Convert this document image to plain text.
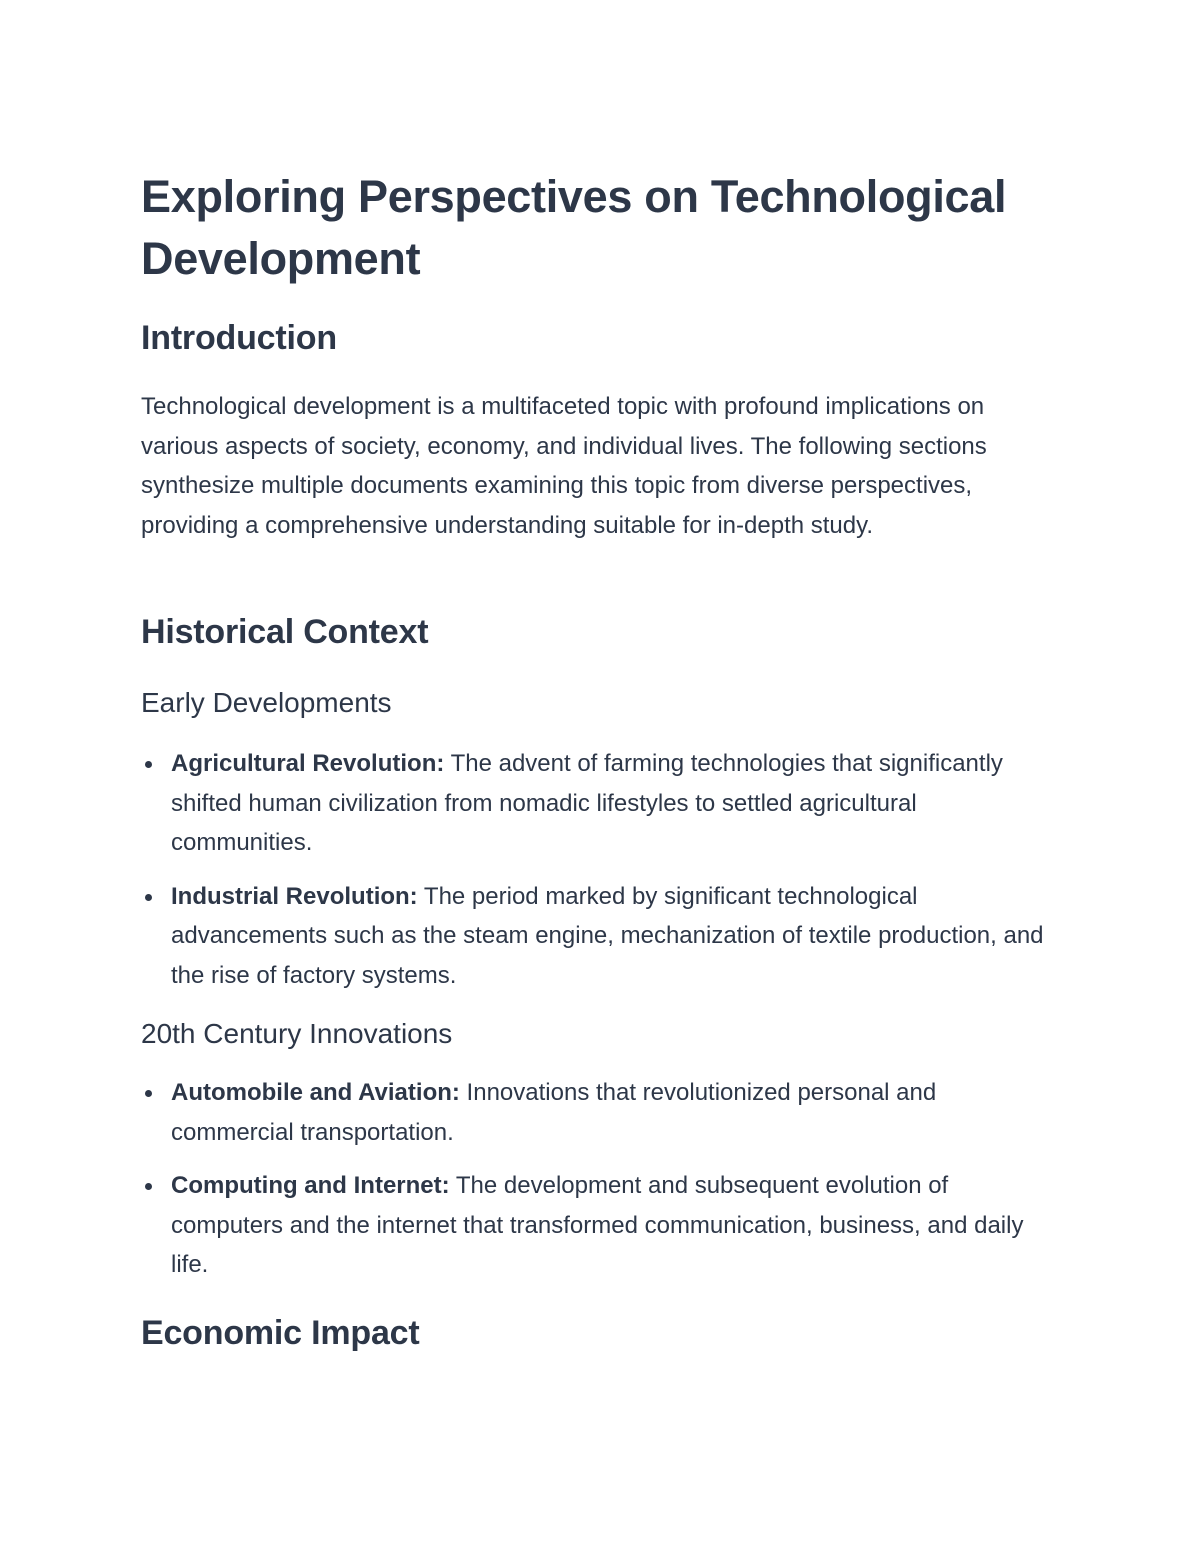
Exploring Perspectives on Technological Development
Introduction

Technological development is a multifaceted topic with profound implications on various aspects of society, economy, and individual lives. The following sections synthesize multiple documents examining this topic from diverse perspectives, providing a comprehensive understanding suitable for in-depth study.

Historical Context
Early Developments
Agricultural Revolution: The advent of farming technologies that significantly shifted human civilization from nomadic lifestyles to settled agricultural communities.
Industrial Revolution: The period marked by significant technological advancements such as the steam engine, mechanization of textile production, and the rise of factory systems.
20th Century Innovations
Automobile and Aviation: Innovations that revolutionized personal and commercial transportation.
Computing and Internet: The development and subsequent evolution of computers and the internet that transformed communication, business, and daily life.
Economic Impact
